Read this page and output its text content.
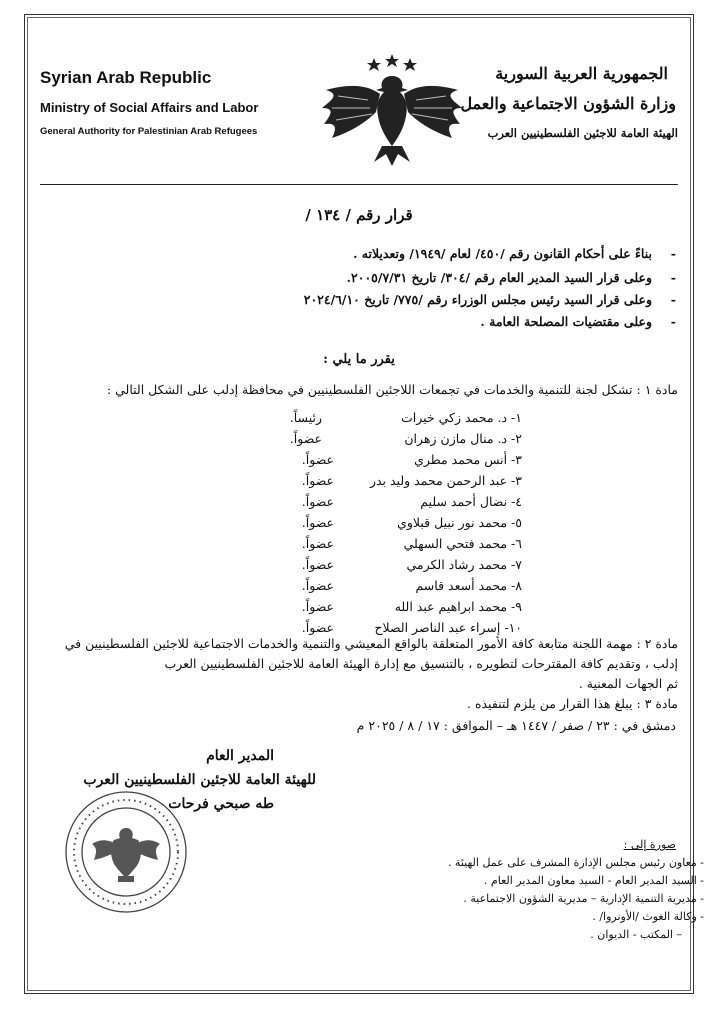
Syrian Arab Republic
Ministry of Social Affairs and Labor
General Authority for Palestinian Arab Refugees
الجمهورية العربية السورية
وزارة الشؤون الاجتماعية والعمل
الهيئة العامة للاجئين الفلسطينيين العرب
قرار رقم / ١٣٤ /
بناءً على أحكام القانون رقم /٤٥٠/ لعام /١٩٤٩/ وتعديلاته .
وعلى قرار السيد المدير العام رقم /٣٠٤/ تاريخ ٢٠٠٥/٧/٣١.
وعلى قرار السيد رئيس مجلس الوزراء رقم /٧٧٥/ تاريخ ٢٠٢٤/٦/١٠
وعلى مقتضيات المصلحة العامة .
-
-
-
-
يقرر ما يلي :
مادة ١ : تشكل لجنة للتنمية والخدمات في تجمعات اللاجئين الفلسطينيين في محافظة إدلب على الشكل التالي :
١- د. محمد زكي خيرات
رئيساً.
٢- د. منال مازن زهران
عضواً.
٣- أنس محمد مطري
عضواً.
٣- عبد الرحمن محمد وليد بدر
عضواً.
٤- نضال أحمد سليم
عضواً.
٥- محمد نور نبيل قبلاوي
عضواً.
٦- محمد فتحي السهلي
عضواً.
٧- محمد رشاد الكرمي
عضواً.
٨- محمد أسعد قاسم
عضواً.
٩- محمد ابراهيم عبد الله
عضواً.
١٠- إسراء عبد الناصر الصلاح
عضواً.
مادة ٢ : مهمة اللجنة متابعة كافة الأمور المتعلقة بالواقع المعيشي والتنمية والخدمات الاجتماعية للاجئين الفلسطينيين في
إدلب ، وتقديم كافة المقترحات لتطويره ، بالتنسيق مع إدارة الهيئة العامة للاجئين الفلسطينيين العرب
ثم الجهات المعنية .
مادة ٣ : يبلغ هذا القرار من يلزم لتنفيذه .
دمشق في : ٢٣ / صفر / ١٤٤٧ هـ – الموافق : ١٧ / ٨ / ٢٠٢٥ م
المدير العام
للهيئة العامة للاجئين الفلسطينيين العرب
طه صبحي فرحات
صورة إلى :
- معاون رئيس مجلس الإدارة المشرف على عمل الهيئة .
- السيد المدير العام - السيد معاون المدير العام .
- مديرية التنمية الإدارية – مديرية الشؤون الاجتماعية .
- وكالة الغوث /الأونروا/ .
– المكتب - الديوان .
